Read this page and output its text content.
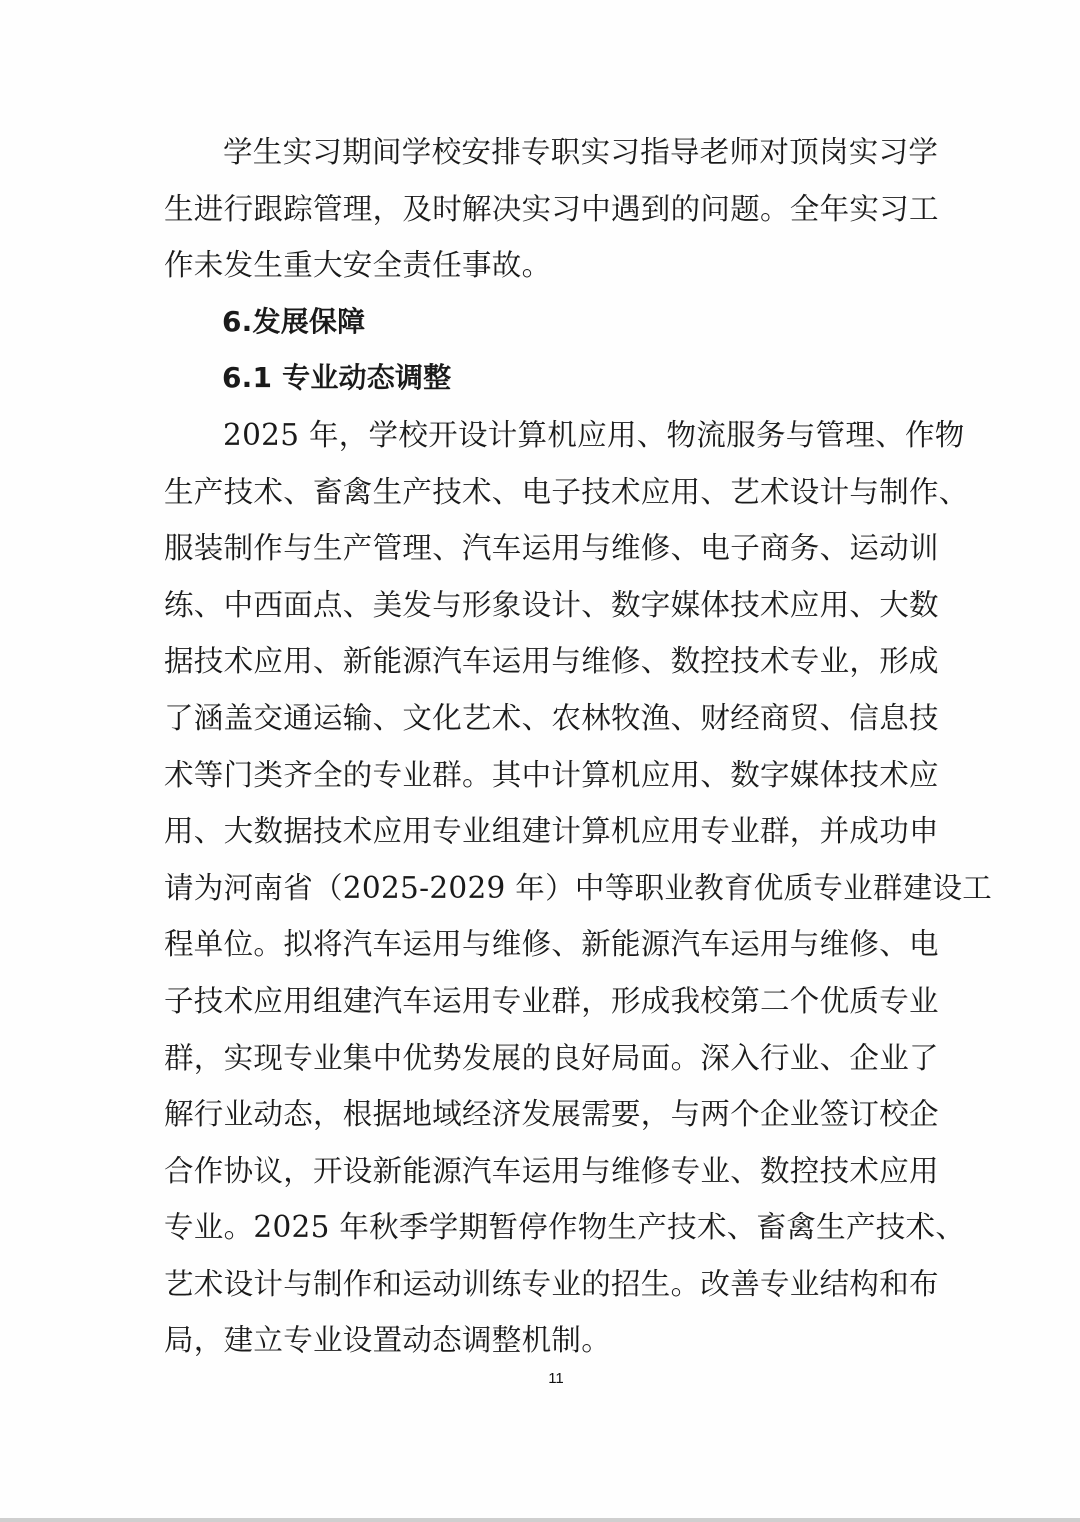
学生实习期间学校安排专职实习指导老师对顶岗实习学
生进行跟踪管理，及时解决实习中遇到的问题。全年实习工
作未发生重大安全责任事故。
6.发展保障
6.1 专业动态调整
2025 年，学校开设计算机应用、物流服务与管理、作物
生产技术、畜禽生产技术、电子技术应用、艺术设计与制作、
服装制作与生产管理、汽车运用与维修、电子商务、运动训
练、中西面点、美发与形象设计、数字媒体技术应用、大数
据技术应用、新能源汽车运用与维修、数控技术专业，形成
了涵盖交通运输、文化艺术、农林牧渔、财经商贸、信息技
术等门类齐全的专业群。其中计算机应用、数字媒体技术应
用、大数据技术应用专业组建计算机应用专业群，并成功申
请为河南省（2025-2029 年）中等职业教育优质专业群建设工
程单位。拟将汽车运用与维修、新能源汽车运用与维修、电
子技术应用组建汽车运用专业群，形成我校第二个优质专业
群，实现专业集中优势发展的良好局面。深入行业、企业了
解行业动态，根据地域经济发展需要，与两个企业签订校企
合作协议，开设新能源汽车运用与维修专业、数控技术应用
专业。2025 年秋季学期暂停作物生产技术、畜禽生产技术、
艺术设计与制作和运动训练专业的招生。改善专业结构和布
局，建立专业设置动态调整机制。
11
